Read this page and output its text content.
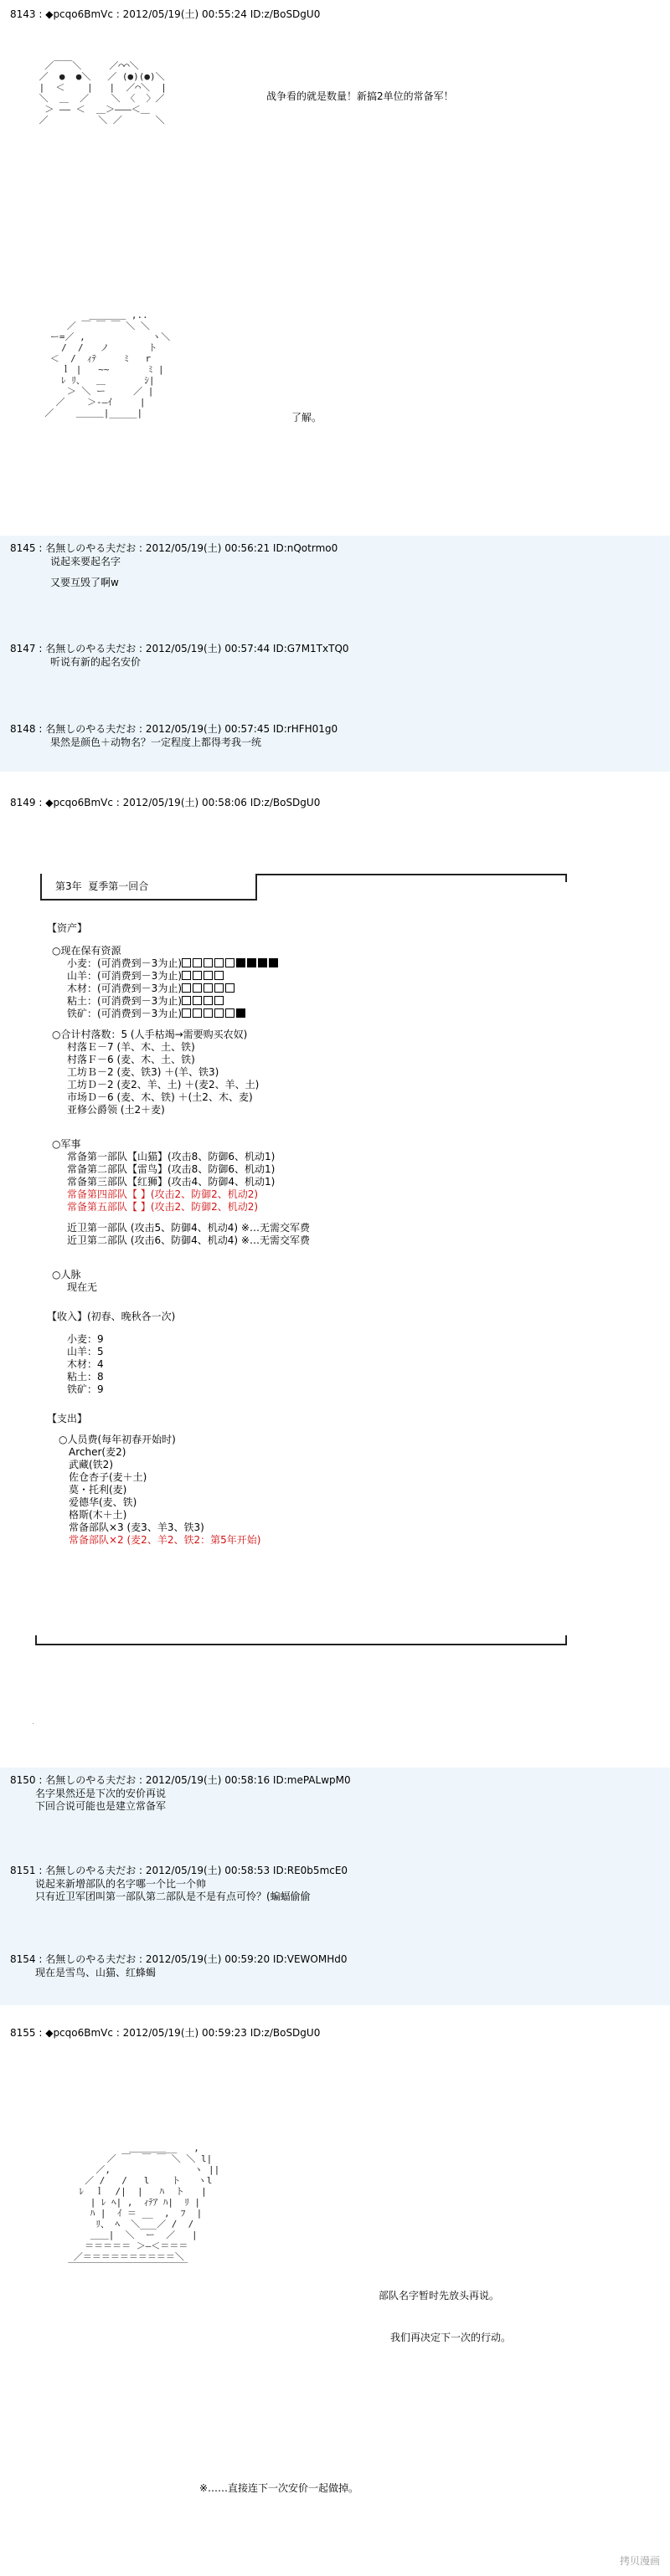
8143 : ◆pcqo6BmVc : 2012/05/19(土) 00:55:24 ID:z/BoSDgU0
／￣￣＼     ／⌒⌒＼
／  ●  ●＼   ／ (●)(●)＼
|  ＜    |   |  ／⌒＼  |
＼  ＿  ／    ＼ 〈  〉／
＞ ―― ＜  ＿＞―――＜＿
／         ＼ ／      ＼
战争看的就是数量！新搞2单位的常备军！
＿＿＿＿ ,..
／ ￣ ￣ ￣ ＼ ＼
ー=／ ,            ヽ＼
/  /   ノ       ト
＜  /  ｨﾃ     ﾐ   r
ｌ |   ~~       ﾐ |
ﾚ ﾘ、  ＿       ｼ|
＞ ＼ ー     ／ |
／    ＞-―ｲ     |
／    ＿＿＿|_____|	了解。
8145 : 名無しのやる夫だお : 2012/05/19(土) 00:56:21 ID:nQotrmo0
说起来要起名字
又要互毁了啊w
8147 : 名無しのやる夫だお : 2012/05/19(土) 00:57:44 ID:G7M1TxTQ0
听说有新的起名安价
8148 : 名無しのやる夫だお : 2012/05/19(土) 00:57:45 ID:rHFH01g0
果然是颜色＋动物名？一定程度上都得考我一统
8149 : ◆pcqo6BmVc : 2012/05/19(土) 00:58:06 ID:z/BoSDgU0
第3年  夏季第一回合
【资产】
○现在保有资源
小麦：(可消费到－3为止)
山羊：(可消费到－3为止)
木材：(可消费到－3为止)
粘土：(可消费到－3为止)
铁矿：(可消费到－3为止)
○合计村落数：5 (人手枯竭→需要购买农奴)
村落Ｅ－7 (羊、木、土、铁)
村落Ｆ－6 (麦、木、土、铁)
工坊Ｂ－2 (麦、铁3) ＋(羊、铁3)
工坊Ｄ－2 (麦2、羊、土) ＋(麦2、羊、土)
市场Ｄ－6 (麦、木、铁) ＋(土2、木、麦)
亚修公爵领 (土2＋麦)
○军事
常备第一部队【山猫】(攻击8、防御6、机动1)
常备第二部队【雷鸟】(攻击8、防御6、机动1)
常备第三部队【红狮】(攻击4、防御4、机动1)
常备第四部队【 】(攻击2、防御2、机动2)
常备第五部队【 】(攻击2、防御2、机动2)
近卫第一部队 (攻击5、防御4、机动4) ※…无需交军费
近卫第二部队 (攻击6、防御4、机动4) ※…无需交军费
○人脉
现在无
【收入】(初春、晚秋各一次)
小麦：9
山羊：5
木材：4
粘土：8
铁矿：9
【支出】
○人员费(每年初春开始时)
Archer(麦2)
武藏(铁2)
佐仓杏子(麦＋土)
莫・托利(麦)
爱德华(麦、铁)
格斯(木＋土)
常备部队×3 (麦3、羊3、铁3)
常备部队×2 (麦2、羊2、铁2：第5年开始)
.
8150 : 名無しのやる夫だお : 2012/05/19(土) 00:58:16 ID:mePALwpM0
名字果然还是下次的安价再说
下回合说可能也是建立常备军
8151 : 名無しのやる夫だお : 2012/05/19(土) 00:58:53 ID:RE0b5mcE0
说起来新增部队的名字哪一个比一个帅
只有近卫军团叫第一部队第二部队是不是有点可怜？(蝙蝠偷偷
8154 : 名無しのやる夫だお : 2012/05/19(土) 00:59:20 ID:VEWOMHd0
现在是雪鸟、山猫、红蜂蝎
8155 : ◆pcqo6BmVc : 2012/05/19(土) 00:59:23 ID:z/BoSDgU0
＿＿＿＿__   ,
／ ￣  ￣ ￣ ＼ ＼ l|
／,               ヽ ||
／ /   /   l    ト   ヽl
ﾚ  ｌ  /|  |   ﾊ  ト   |
| ﾚ ﾍ| ,  ｨﾃｱ ﾊ|  ﾘ |
ﾊ |  ｲ ＝ __  ,  ﾌ  |
ﾘ、 ﾍ  ＼___／ /  /
＿＿|  ＼  ー  ／   |
＝＝＝＝＝ ＞―＜＝＝＝
／＝＝＝＝＝＝＝＝＝＝＼
￣￣￣￣￣￣￣￣￣￣￣￣￣
部队名字暂时先放头再说。
我们再决定下一次的行动。
※……直接连下一次安价一起做掉。
拷贝漫画
